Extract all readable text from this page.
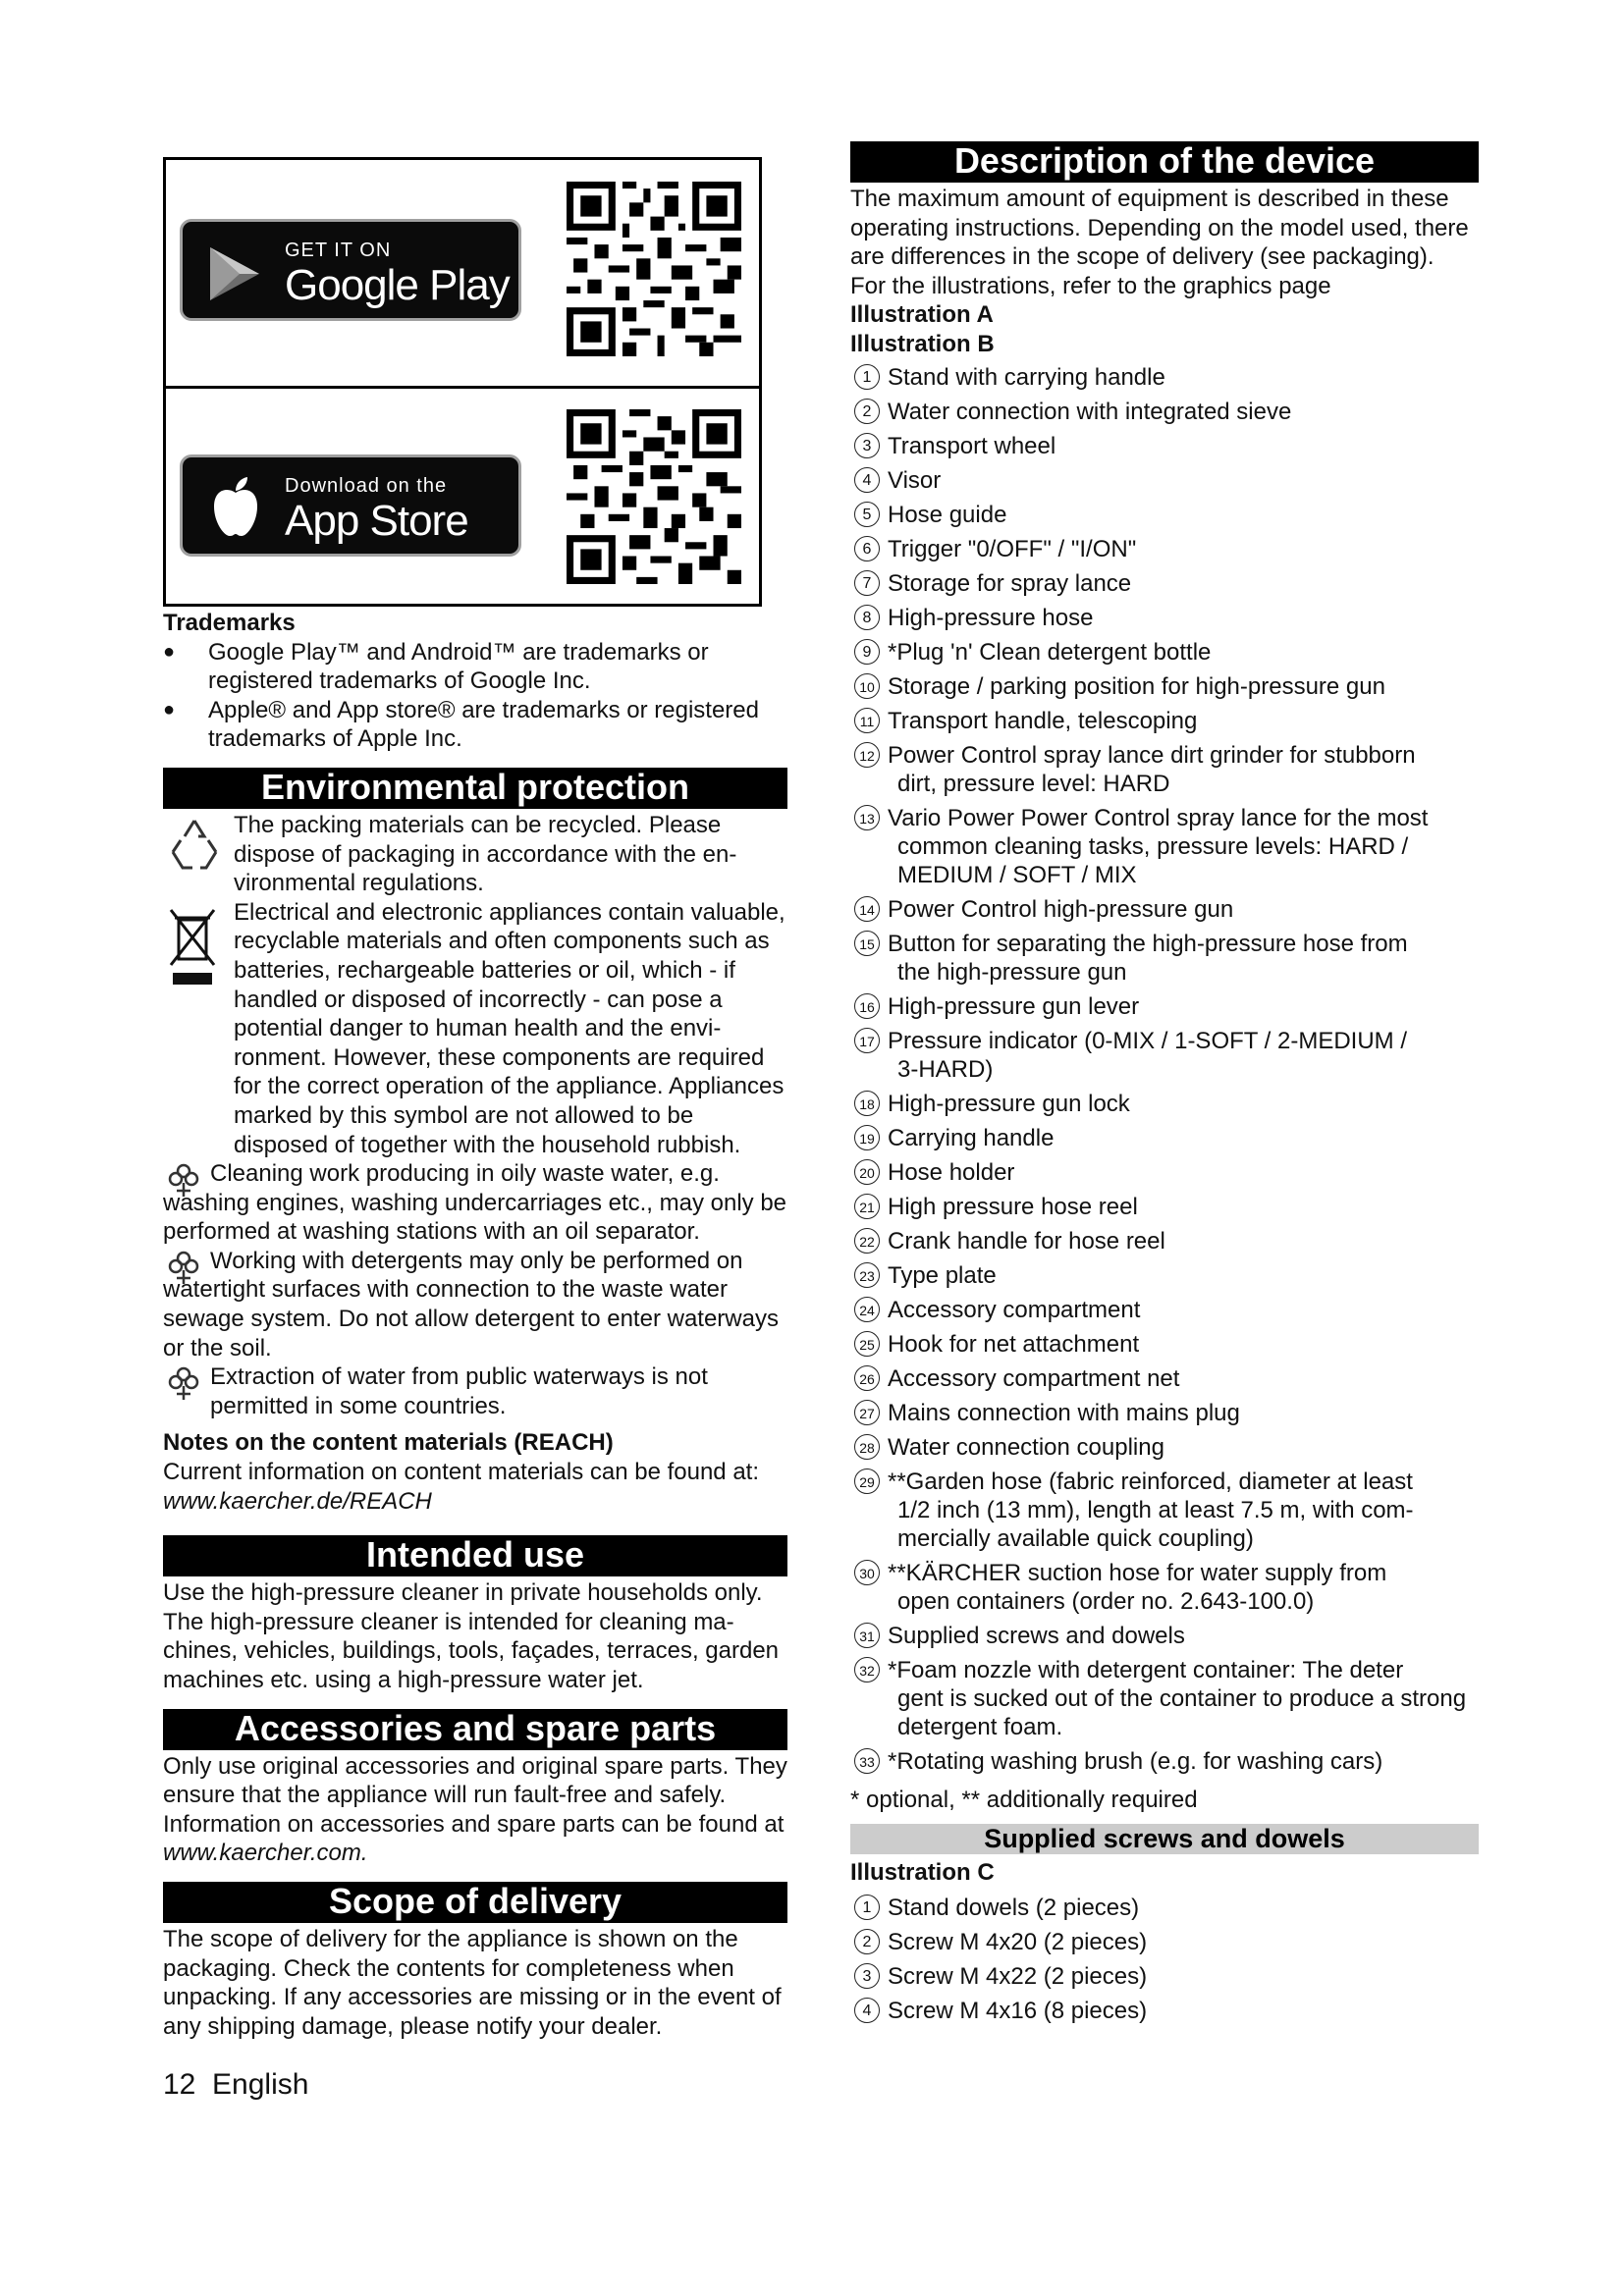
GET IT ON
Google Play
Download on the
App Store

Trademarks

● Google Play™ and Android™ are trademarks or registered trademarks of Google Inc.

● Apple® and App store® are trademarks or registered trademarks of Apple Inc.

Environmental protection

The packing materials can be recycled. Please dispose of packaging in accordance with the environmental regulations.

Electrical and electronic appliances contain valuable, recyclable materials and often components such as batteries, rechargeable batteries or oil, which - if handled or disposed of incorrectly - can pose a potential danger to human health and the environment. However, these components are required for the correct operation of the appliance. Appliances marked by this symbol are not allowed to be disposed of together with the household rubbish.

Cleaning work producing in oily waste water, e.g. washing engines, washing undercarriages etc., may only be performed at washing stations with an oil separator.

Working with detergents may only be performed on watertight surfaces with connection to the waste water sewage system. Do not allow detergent to enter waterways or the soil.

Extraction of water from public waterways is not permitted in some countries.

Notes on the content materials (REACH)

Current information on content materials can be found at: www.kaercher.de/REACH

Intended use

Use the high-pressure cleaner in private households only.

The high-pressure cleaner is intended for cleaning machines, vehicles, buildings, tools, façades, terraces, garden machines etc. using a high-pressure water jet.

Accessories and spare parts

Only use original accessories and original spare parts. They ensure that the appliance will run fault-free and safely.

Information on accessories and spare parts can be found at www.kaercher.com.

Scope of delivery

The scope of delivery for the appliance is shown on the packaging. Check the contents for completeness when unpacking. If any accessories are missing or in the event of any shipping damage, please notify your dealer.

12 English

Description of the device

The maximum amount of equipment is described in these operating instructions. Depending on the model used, there are differences in the scope of delivery (see packaging).

For the illustrations, refer to the graphics page

Illustration A

Illustration B

1 Stand with carrying handle
2 Water connection with integrated sieve
3 Transport wheel
4 Visor
5 Hose guide
6 Trigger "0/OFF" / "I/ON"
7 Storage for spray lance
8 High-pressure hose
9 *Plug 'n' Clean detergent bottle
10 Storage / parking position for high-pressure gun
11 Transport handle, telescoping
12 Power Control spray lance dirt grinder for stubborn
dirt, pressure level: HARD
13 Vario Power Power Control spray lance for the most
common cleaning tasks, pressure levels: HARD / MEDIUM / SOFT / MIX
14 Power Control high-pressure gun
15 Button for separating the high-pressure hose from
the high-pressure gun
16 High-pressure gun lever
17 Pressure indicator (0-MIX / 1-SOFT / 2-MEDIUM /
3-HARD)
18 High-pressure gun lock
19 Carrying handle
20 Hose holder
21 High pressure hose reel
22 Crank handle for hose reel
23 Type plate
24 Accessory compartment
25 Hook for net attachment
26 Accessory compartment net
27 Mains connection with mains plug
28 Water connection coupling
29 **Garden hose (fabric reinforced, diameter at least
1/2 inch (13 mm), length at least 7.5 m, with commercially available quick coupling)
30 **KÄRCHER suction hose for water supply from
open containers (order no. 2.643-100.0)
31 Supplied screws and dowels
32 *Foam nozzle with detergent container: The deter
gent is sucked out of the container to produce a strong detergent foam.
33 *Rotating washing brush (e.g. for washing cars)

* optional, ** additionally required

Supplied screws and dowels

Illustration C

1 Stand dowels (2 pieces)
2 Screw M 4x20 (2 pieces)
3 Screw M 4x22 (2 pieces)
4 Screw M 4x16 (8 pieces)
